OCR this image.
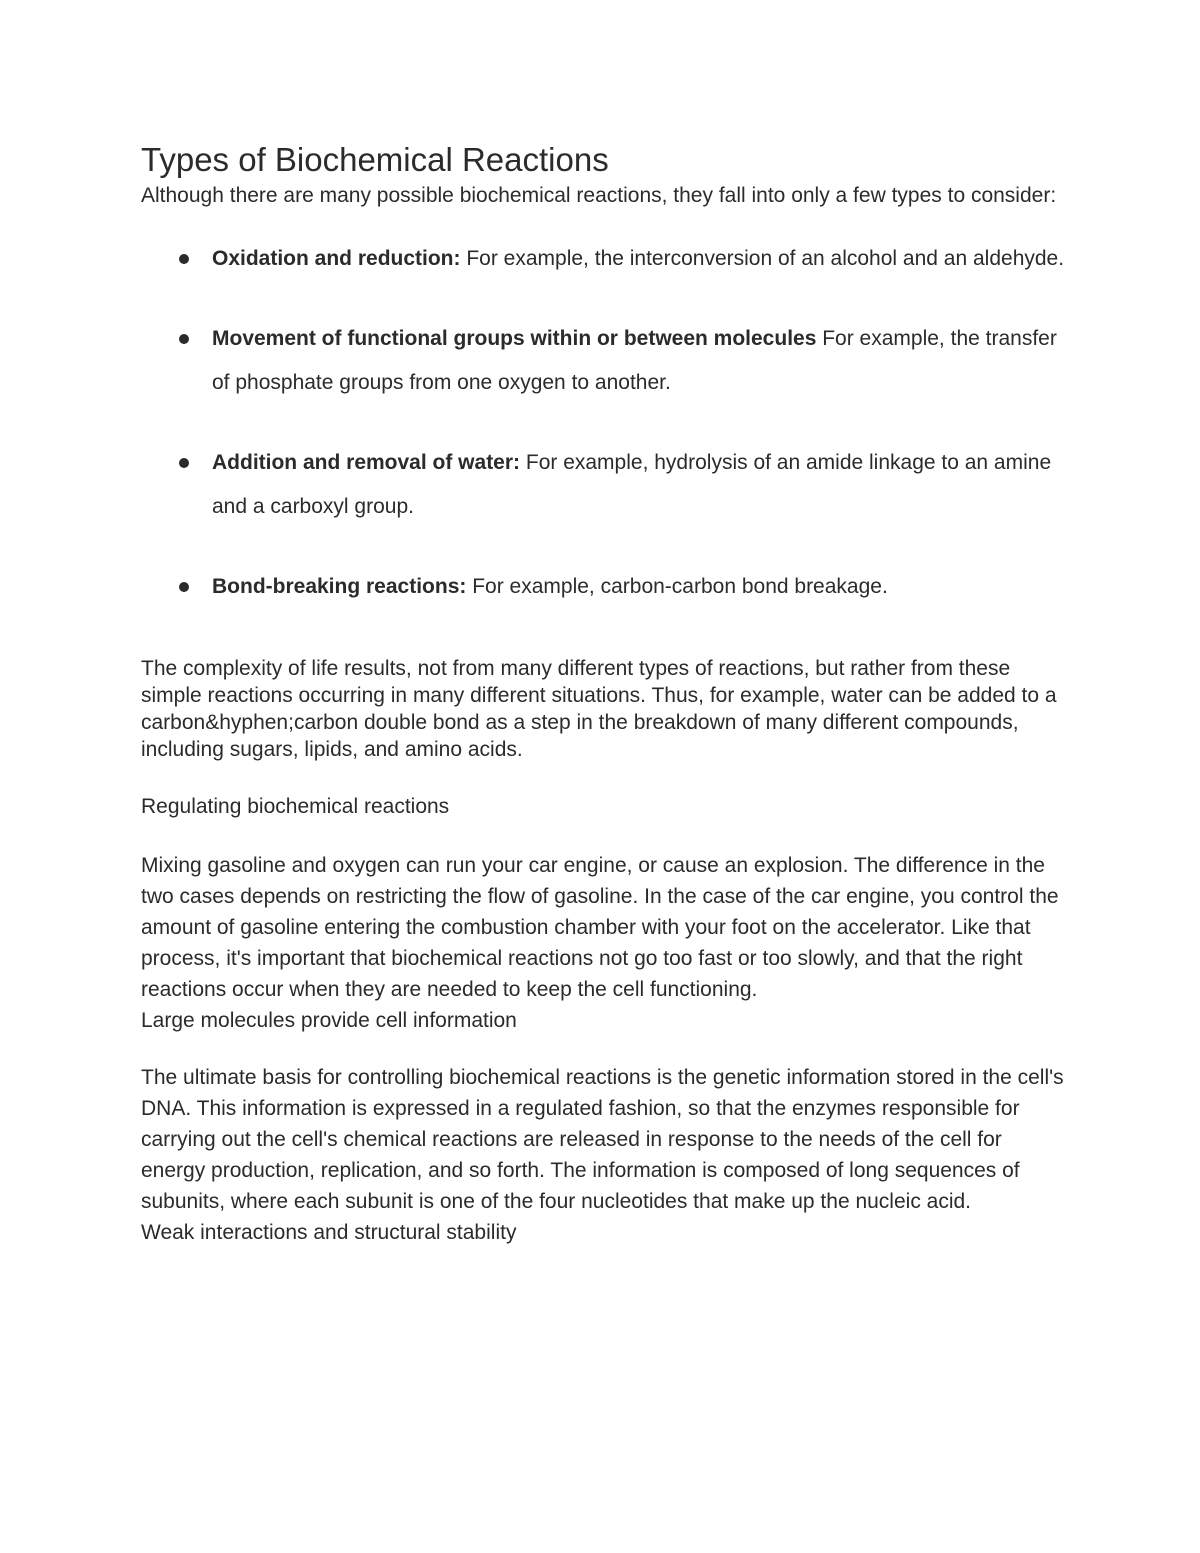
Types of Biochemical Reactions

Although there are many possible biochemical reactions, they fall into only a few types to consider:

Oxidation and reduction: For example, the interconversion of an alcohol and an aldehyde.
Movement of functional groups within or between molecules For example, the transfer of phosphate groups from one oxygen to another.
Addition and removal of water: For example, hydrolysis of an amide linkage to an amine and a carboxyl group.
Bond-breaking reactions: For example, carbon-carbon bond breakage.

The complexity of life results, not from many different types of reactions, but rather from these simple reactions occurring in many different situations. Thus, for example, water can be added to a carbon&hyphen;carbon double bond as a step in the breakdown of many different compounds, including sugars, lipids, and amino acids.

Regulating biochemical reactions

Mixing gasoline and oxygen can run your car engine, or cause an explosion. The difference in the two cases depends on restricting the flow of gasoline. In the case of the car engine, you control the amount of gasoline entering the combustion chamber with your foot on the accelerator. Like that process, it's important that biochemical reactions not go too fast or too slowly, and that the right reactions occur when they are needed to keep the cell functioning.

Large molecules provide cell information

The ultimate basis for controlling biochemical reactions is the genetic information stored in the cell's DNA. This information is expressed in a regulated fashion, so that the enzymes responsible for carrying out the cell's chemical reactions are released in response to the needs of the cell for energy production, replication, and so forth. The information is composed of long sequences of subunits, where each subunit is one of the four nucleotides that make up the nucleic acid.

Weak interactions and structural stability
